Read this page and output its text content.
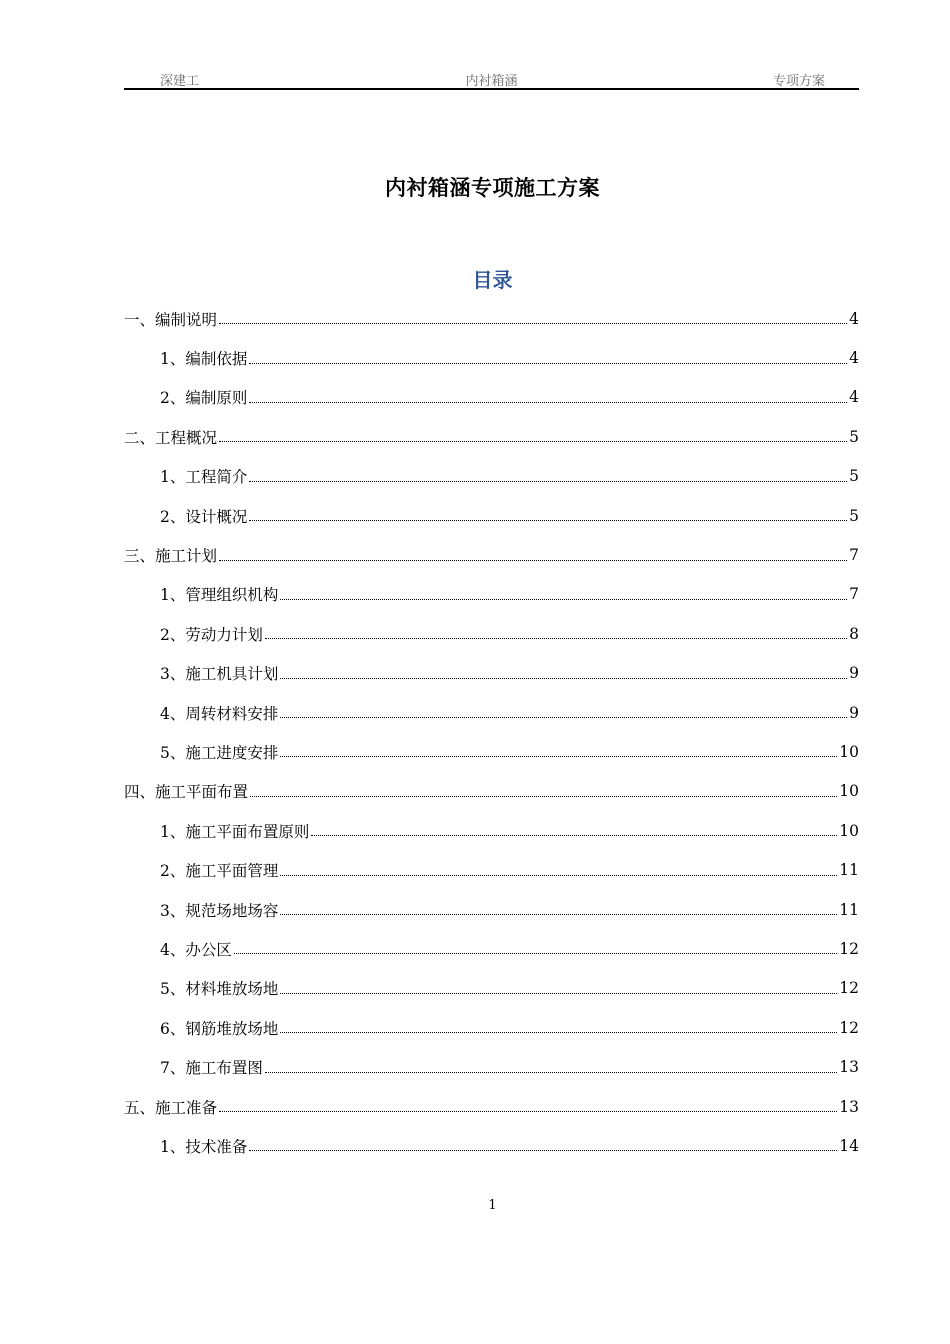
深建工	内衬箱涵	专项方案
内衬箱涵专项施工方案
目录
一、编制说明	4
1、编制依据	4
2、编制原则	4
二、工程概况	5
1、工程简介	5
2、设计概况	5
三、施工计划	7
1、管理组织机构	7
2、劳动力计划	8
3、施工机具计划	9
4、周转材料安排	9
5、施工进度安排	10
四、施工平面布置	10
1、施工平面布置原则	10
2、施工平面管理	11
3、规范场地场容	11
4、办公区	12
5、材料堆放场地	12
6、钢筋堆放场地	12
7、施工布置图	13
五、施工准备	13
1、技术准备	14
1
